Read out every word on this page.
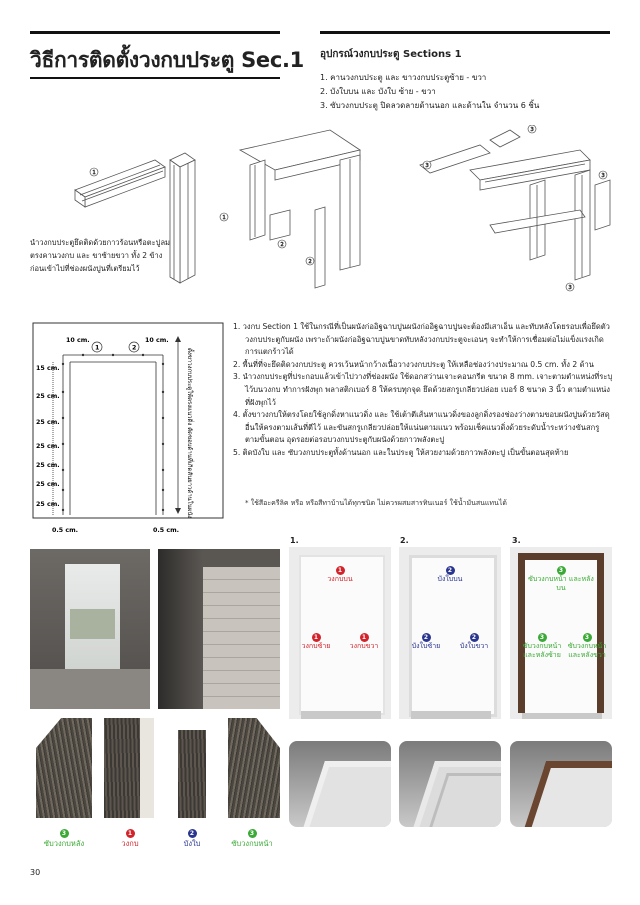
วิธีการติดตั้งวงกบประตู Sec.1 อุปกรณ์วงกบประตู Sections 1
1. คานวงกบประตู และ ขาวงกบประตูซ้าย - ขวา
2. บังใบบน และ บังใบ ซ้าย - ขวา
3. ซับวงกบประตู ปิดลวดลายด้านนอก และด้านใน จำนวน 6 ชิ้น
1
1
2
2
3
3
3
3
นำวงกบประตูยึดติดด้วยกาวร้อนหรือตะปูลม ตรงคานวงกบ และ ขาซ้ายขวา ทั้ง 2 ข้าง ก่อนเข้าไปที่ช่องผนังปูนที่เตรียมไว้
1	2
10 cm.	10 cm.
15 cm.
25 cm.
25 cm.
25 cm.
25 cm.
25 cm.
25 cm.
0.5 cm.	0.5 cm.
ตั้งขาวงกบประตูให้ตรงแนวดิ่ง ตัดขอบด้านที่เกิดสันยาวด้านในผนัง
1. วงกบ Section 1 ใช้ในกรณีที่เป็นผนังก่ออิฐฉาบปูนผนังก่ออิฐฉาบปูนจะต้องมีเสาเอ็น และทับหลังโดยรอบเพื่อยึดตัววงกบประตูกับผนัง เพราะถ้าผนังก่ออิฐฉาบปูนขาดทับหลังวงกบประตูจะเอนๆ จะทำให้การเชื่อมต่อไม่แข็งแรงเกิดการแตกร้าวได้
2. พื้นที่ที่จะยึดติดวงกบประตู ควรเว้นหน้ากว้างเนื้อวางวงกบประตู ให้เหลือช่องว่างประมาณ 0.5 cm. ทั้ง 2 ด้าน
3. นำวงกบประตูที่ประกอบแล้วเข้าไปวางที่ช่องผนัง ใช้ดอกสว่านเจาะคอนกรีต ขนาด 8 mm. เจาะตามตำแหน่งที่ระบุไว้บนวงกบ ทำการฝังพุก พลาสติกเบอร์ 8 ให้ครบทุกจุด ยึดด้วยสกรูเกลียวปล่อย เบอร์ 8 ขนาด 3 นิ้ว ตามตำแหน่งที่ฝังพุกไว้
4. ตั้งขาวงกบให้ตรงโดยใช้ลูกดิ่งหาแนวดิ่ง และ ใช้เต้าตีเส้นหาแนวดิ่งของลูกดิ่งรองช่องว่างตามขอบผนังปูนด้วยวัสดุอื่นให้ครงตามเส้นที่ตีไว้ และขันสกรูเกลียวปล่อยให้แน่นตามแนว พร้อมเช็คแนวดิ่งด้วยระดับน้ำระหว่างขันสกรูตามขั้นตอน อุดรอยต่อรอบวงกบประตูกับผนังด้วยกาวพลังตะปู
5. ติดบังใบ และ ซับวงกบประตูทั้งด้านนอก และในประตู ให้สวยงามด้วยกาวพลังตะปู เป็นขั้นตอนสุดท้าย
* ใช้สีอะครีลิค หรือ หรือสีทาบ้านได้ทุกชนิด ไม่ควรผสมสารทินเนอร์ ใช้น้ำมันสนแทนได้
3
ซับวงกบหลัง
1
วงกบ
2
บังใบ
3
ซับวงกบหน้า
1.	2.	3.
1
วงกบบน
1
วงกบซ้าย
1
วงกบขวา
2
บังใบบน
2
บังใบซ้าย
2
บังใบขวา
3
ซับวงกบหน้า และหลังบน
3
ซับวงกบหน้า และหลังซ้าย
3
ซับวงกบหน้า และหลังขวา
30
